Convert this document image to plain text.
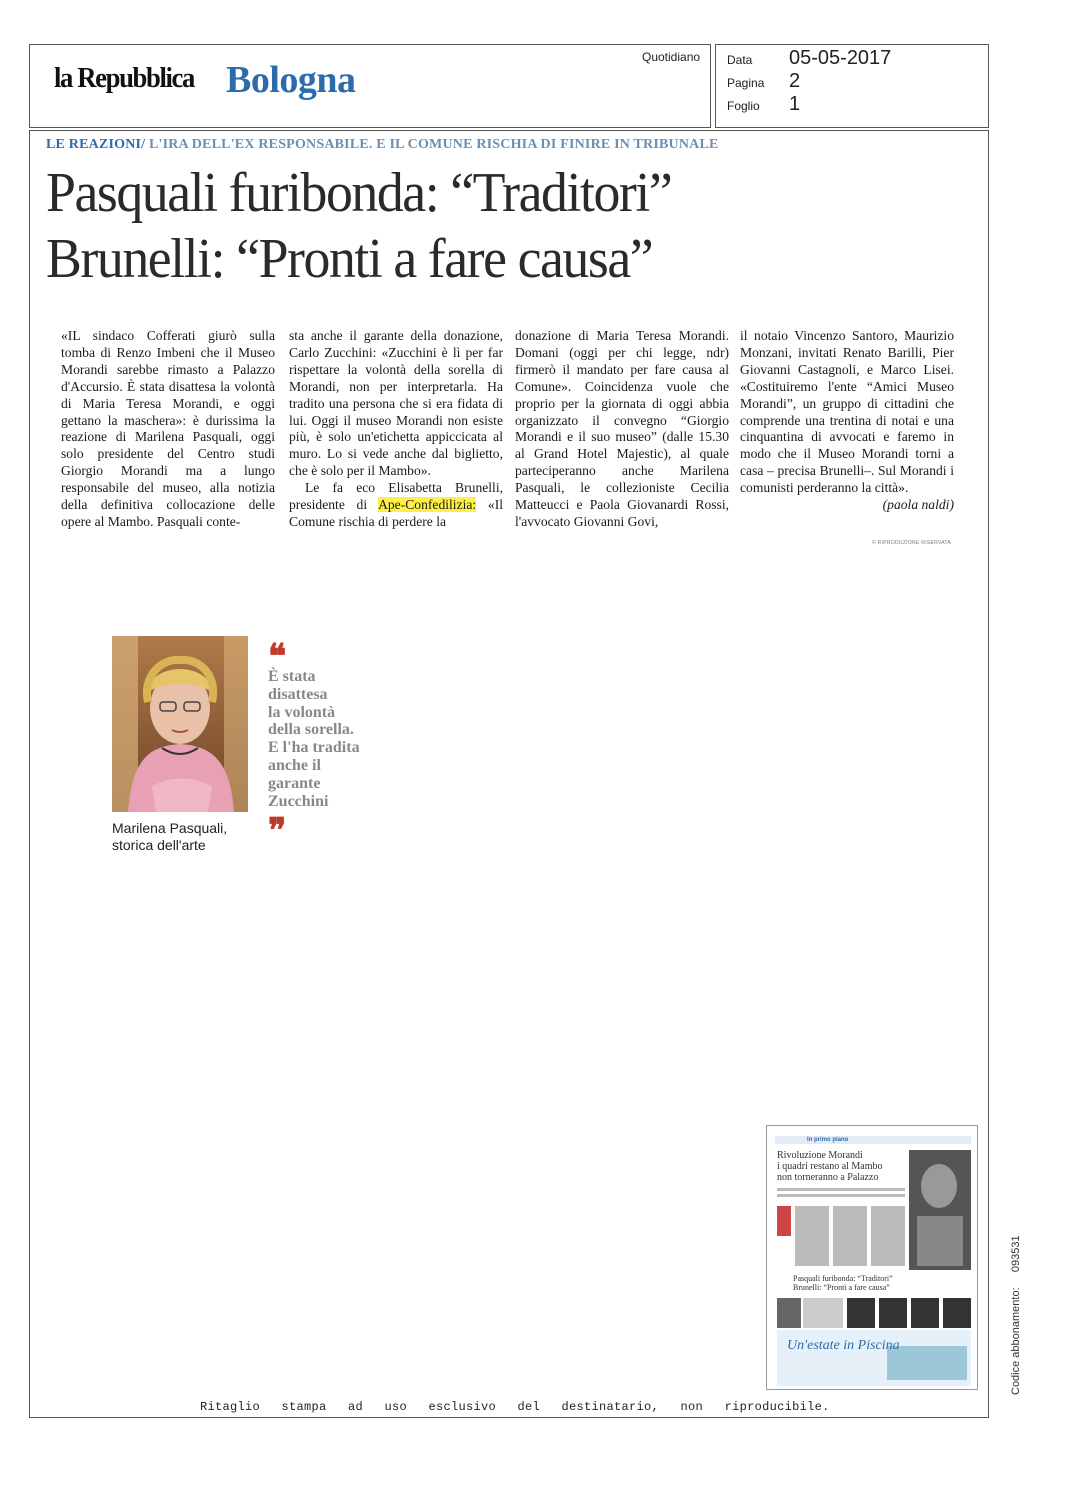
la Repubblica Bologna
Quotidiano Data 05-05-2017
Pagina 2
Foglio 1
LE REAZIONI/ L'IRA DELL'EX RESPONSABILE. E IL COMUNE RISCHIA DI FINIRE IN TRIBUNALE
Pasquali furibonda: “Traditori”
Brunelli: “Pronti a fare causa”

«IL sindaco Cofferati giurò sulla tomba di Renzo Imbeni che il Museo Morandi sarebbe rimasto a Palazzo d'Accursio. È stata disattesa la volontà di Maria Teresa Morandi, e oggi gettano la maschera»: è durissima la reazione di Marilena Pasquali, oggi solo presidente del Centro studi Giorgio Morandi ma a lungo responsabile del museo, alla notizia della definitiva collocazione delle opere al Mambo. Pasquali conte-

sta anche il garante della donazione, Carlo Zucchini: «Zucchini è lì per far rispettare la volontà della sorella di Morandi, non per interpretarla. Ha tradito una persona che si era fidata di lui. Oggi il museo Morandi non esiste più, è solo un'etichetta appiccicata al muro. Lo si vede anche dal biglietto, che è solo per il Mambo».

Le fa eco Elisabetta Brunelli, presidente di Ape-Confedilizia: «Il Comune rischia di perdere la

donazione di Maria Teresa Morandi. Domani (oggi per chi legge, ndr) firmerò il mandato per fare causa al Comune». Coincidenza vuole che proprio per la giornata di oggi abbia organizzato il convegno “Giorgio Morandi e il suo museo” (dalle 15.30 al Grand Hotel Majestic), al quale parteciperanno anche Marilena Pasquali, le collezioniste Cecilia Matteucci e Paola Giovanardi Rossi, l'avvocato Giovanni Govi,

il notaio Vincenzo Santoro, Maurizio Monzani, invitati Renato Barilli, Pier Giovanni Castagnoli, e Marco Lisei. «Costituiremo l'ente “Amici Museo Morandi”, un gruppo di cittadini che comprende una trentina di notai e una cinquantina di avvocati e faremo in modo che il Museo Morandi torni a casa – precisa Brunelli–. Sul Morandi i comunisti perderanno la città».
(paola naldi)

© RIPRODUZIONE RISERVATA
Marilena Pasquali,
storica dell'arte
❝
È stata
disattesa
la volontà
della sorella.
E l'ha tradita
anche il
garante
Zucchini
❞
In primo piano
Rivoluzione Morandi
i quadri restano al Mambo
non torneranno a Palazzo
Pasquali furibonda: “Traditori”
Brunelli: “Pronti a fare causa”
Un'estate in Piscina
Ritaglio stampa ad uso esclusivo del destinatario, non riproducibile.
Codice abbonamento:     093531
